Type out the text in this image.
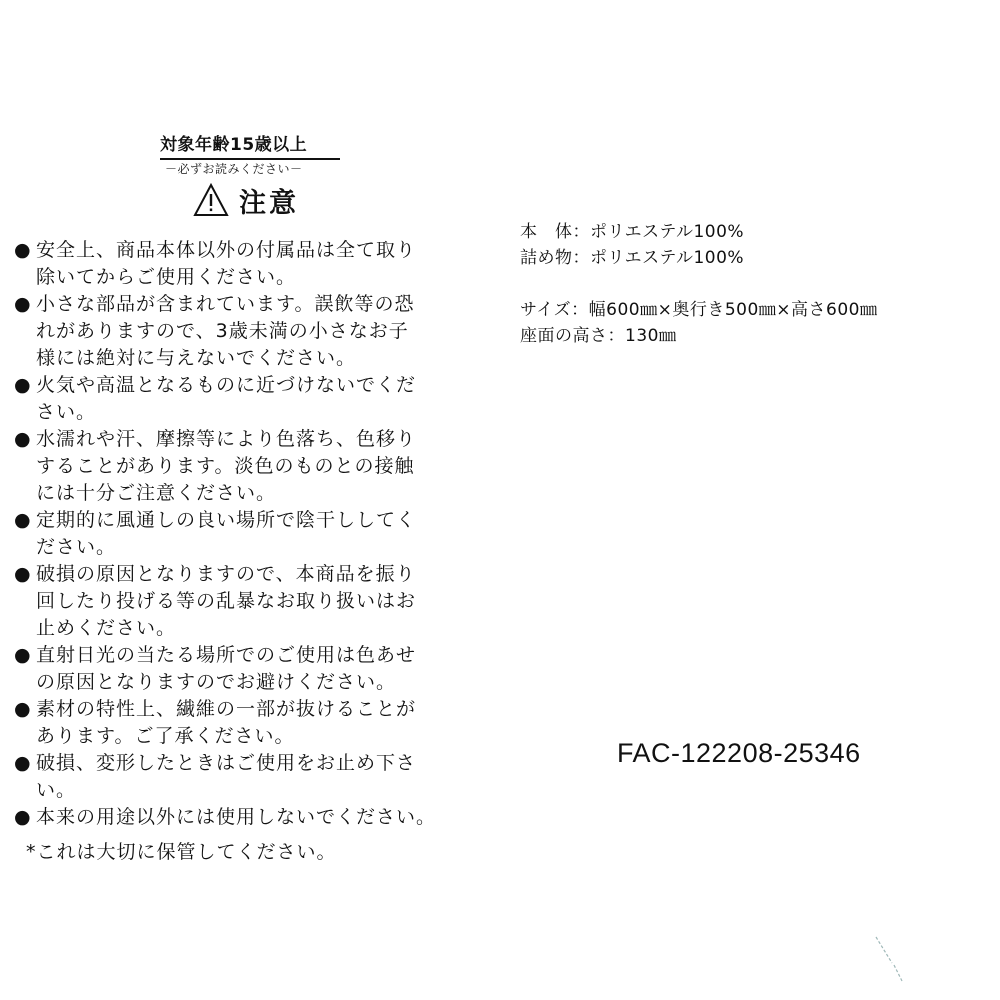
対象年齢15歳以上
－必ずお読みください－
注意
● 安全上、商品本体以外の付属品は全て取り
除いてからご使用ください。
● 小さな部品が含まれています。誤飲等の恐
れがありますので、3歳未満の小さなお子
様には絶対に与えないでください。
● 火気や高温となるものに近づけないでくだ
さい。
● 水濡れや汗、摩擦等により色落ち、色移り
することがあります。淡色のものとの接触
には十分ご注意ください。
● 定期的に風通しの良い場所で陰干ししてく
ださい。
● 破損の原因となりますので、本商品を振り
回したり投げる等の乱暴なお取り扱いはお
止めください。
● 直射日光の当たる場所でのご使用は色あせ
の原因となりますのでお避けください。
● 素材の特性上、繊維の一部が抜けることが
あります。ご了承ください。
● 破損、変形したときはご使用をお止め下さ
い。
● 本来の用途以外には使用しないでください。
*これは大切に保管してください。
本　体：ポリエステル100%
詰め物：ポリエステル100%
サイズ：幅600㎜×奥行き500㎜×高さ600㎜
座面の高さ：130㎜
FAC-122208-25346
